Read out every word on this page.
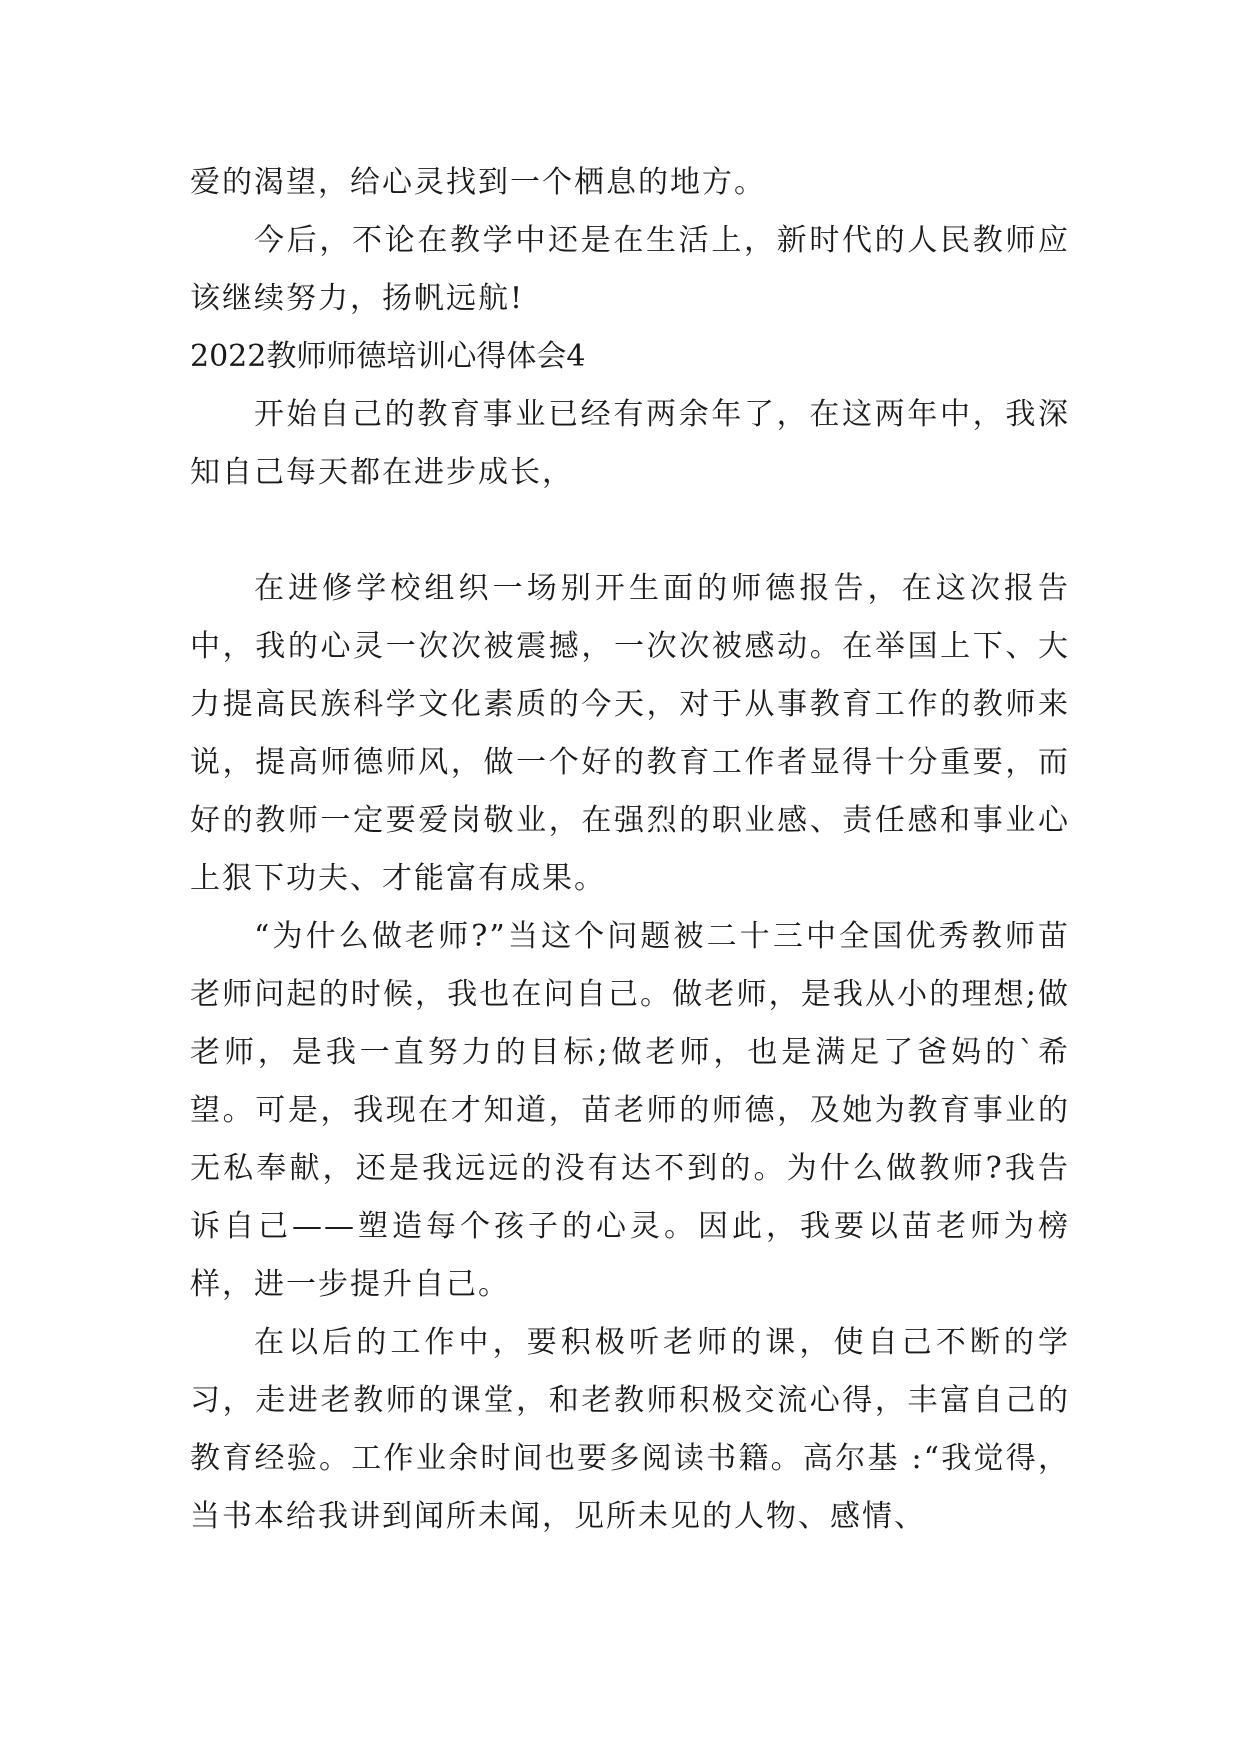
爱的渴望，给心灵找到一个栖息的地方。

今后，不论在教学中还是在生活上，新时代的人民教师应该继续努力，扬帆远航!

2022教师师德培训心得体会4

开始自己的教育事业已经有两余年了，在这两年中，我深知自己每天都在进步成长，

在进修学校组织一场别开生面的师德报告，在这次报告中，我的心灵一次次被震撼，一次次被感动。在举国上下、大力提高民族科学文化素质的今天，对于从事教育工作的教师来说，提高师德师风，做一个好的教育工作者显得十分重要，而好的教师一定要爱岗敬业，在强烈的职业感、责任感和事业心上狠下功夫、才能富有成果。

“为什么做老师?”当这个问题被二十三中全国优秀教师苗老师问起的时候，我也在问自己。做老师，是我从小的理想;做老师，是我一直努力的目标;做老师，也是满足了爸妈的`希望。可是，我现在才知道，苗老师的师德，及她为教育事业的无私奉献，还是我远远的没有达不到的。为什么做教师?我告诉自己——塑造每个孩子的心灵。因此，我要以苗老师为榜样，进一步提升自己。

在以后的工作中，要积极听老师的课，使自己不断的学习，走进老教师的课堂，和老教师积极交流心得，丰富自己的教育经验。工作业余时间也要多阅读书籍。高尔基 :“我觉得，当书本给我讲到闻所未闻，见所未见的人物、感情、
